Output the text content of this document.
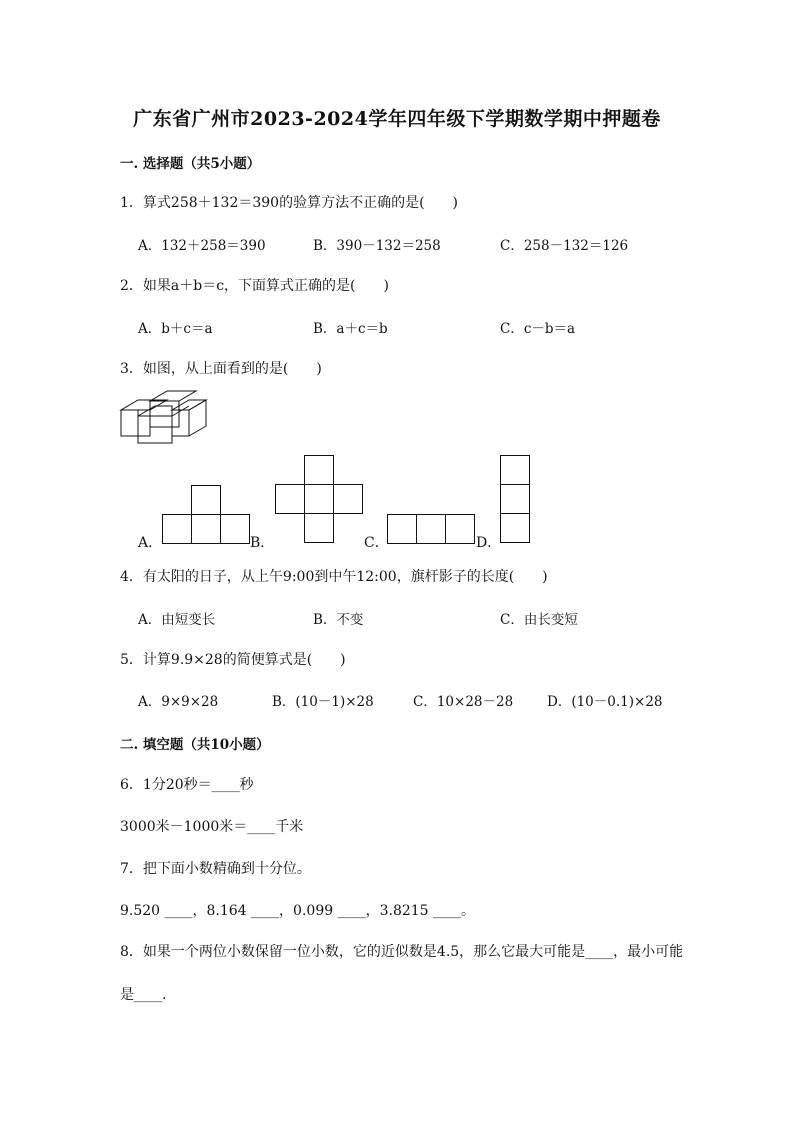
广东省广州市2023-2024学年四年级下学期数学期中押题卷
一. 选择题（共5小题）
1．算式258＋132＝390的验算方法不正确的是(　　)
A．132＋258＝390	B．390－132＝258	C．258－132＝126
2．如果a＋b＝c，下面算式正确的是(　　)
A．b＋c＝a	B．a＋c＝b	C．c－b＝a
3．如图，从上面看到的是(　　)
A．	B．	C．	D．
4．有太阳的日子，从上午9:00到中午12:00，旗杆影子的长度(　　)
A．由短变长	B．不变	C．由长变短
5．计算9.9×28的简便算式是(　　)
A．9×9×28	B．(10－1)×28	C．10×28－28	D．(10－0.1)×28
二. 填空题（共10小题）
6．1分20秒＝____秒
3000米－1000米＝____千米
7．把下面小数精确到十分位。
9.520 ____，8.164 ____，0.099 ____，3.8215 ____。
8．如果一个两位小数保留一位小数，它的近似数是4.5，那么它最大可能是____，最小可能
是____.
